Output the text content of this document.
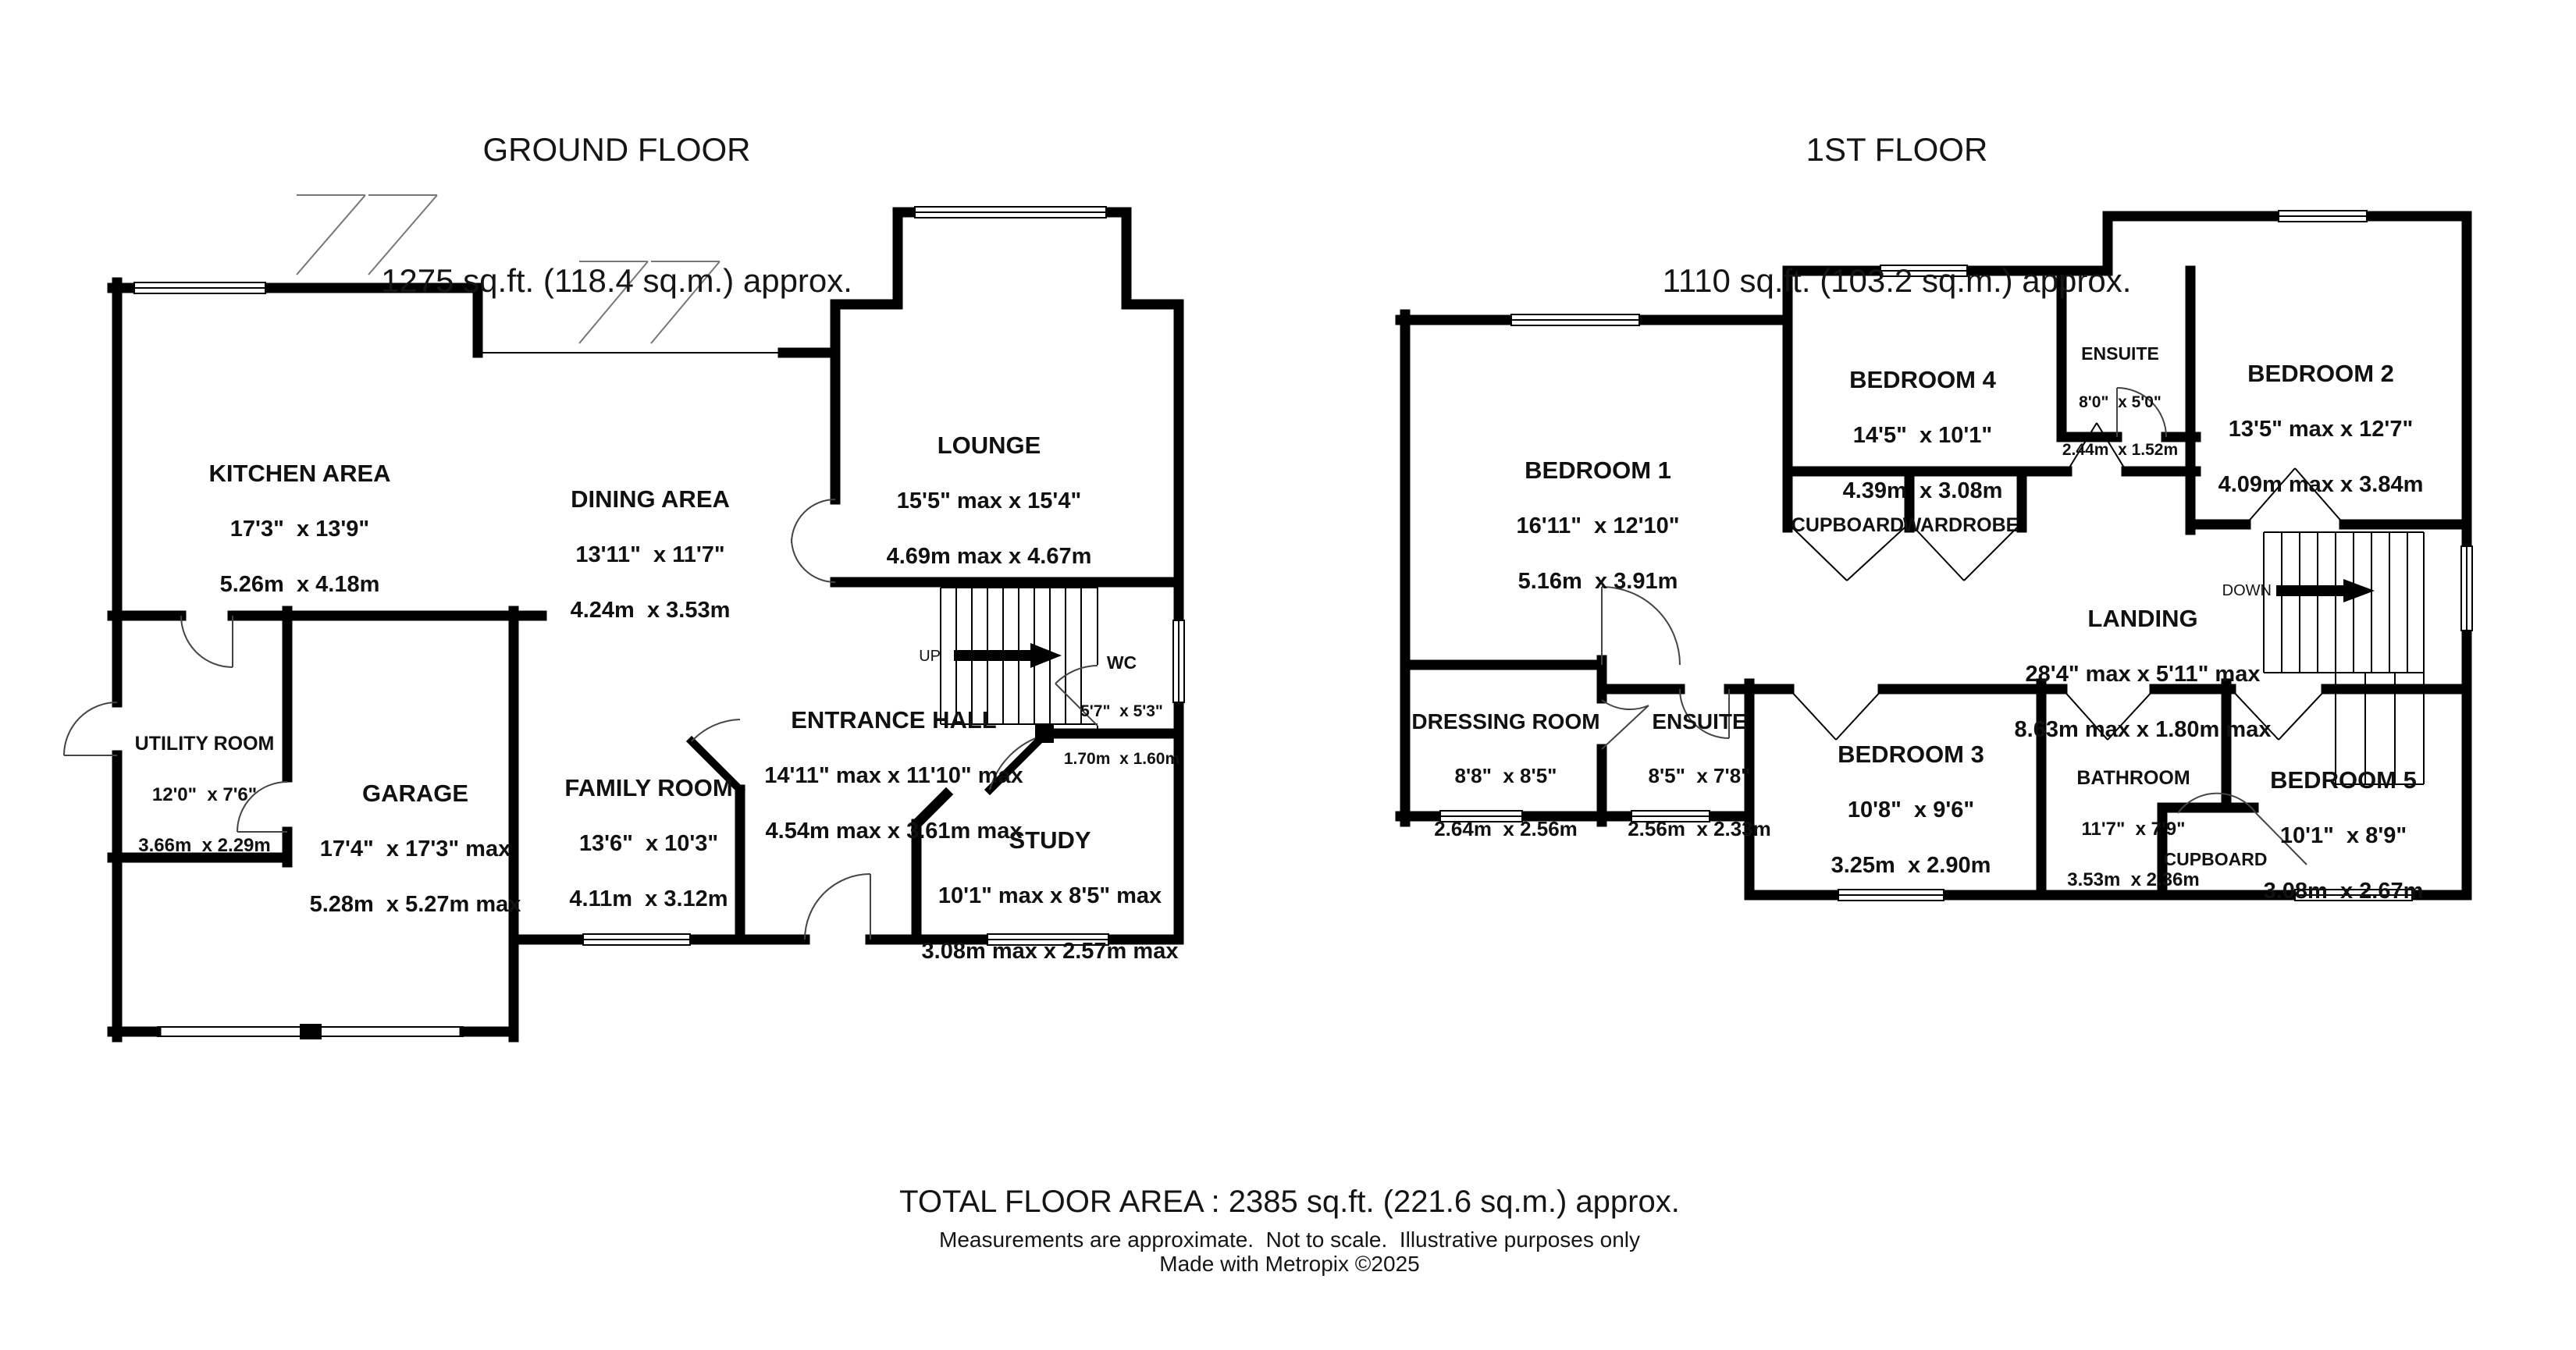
GROUND FLOOR

1275 sq.ft. (118.4 sq.m.) approx.

1ST FLOOR

1110 sq.ft. (103.2 sq.m.) approx.

KITCHEN AREA

17'3"  x 13'9"

5.26m  x 4.18m

DINING AREA

13'11"  x 11'7"

4.24m  x 3.53m

LOUNGE

15'5" max x 15'4"

4.69m max x 4.67m

UTILITY ROOM

12'0"  x 7'6"

3.66m  x 2.29m

GARAGE

17'4"  x 17'3" max

5.28m  x 5.27m max

FAMILY ROOM

13'6"  x 10'3"

4.11m  x 3.12m

ENTRANCE HALL

14'11" max x 11'10" max

4.54m max x 3.61m max

WC

5'7"  x 5'3"

1.70m  x 1.60m

STUDY

10'1" max x 8'5" max

3.08m max x 2.57m max

UP

BEDROOM 1

16'11"  x 12'10"

5.16m  x 3.91m

BEDROOM 4

14'5"  x 10'1"

4.39m  x 3.08m

ENSUITE

8'0"  x 5'0"

2.44m  x 1.52m

BEDROOM 2

13'5" max x 12'7"

4.09m max x 3.84m

CUPBOARD

WARDROBE

LANDING

28'4" max x 5'11" max

8.63m max x 1.80m max

DRESSING ROOM

8'8"  x 8'5"

2.64m  x 2.56m

ENSUITE

8'5"  x 7'8"

2.56m  x 2.33m

BEDROOM 3

10'8"  x 9'6"

3.25m  x 2.90m

BATHROOM

11'7"  x 7'9"

3.53m  x 2.36m

BEDROOM 5

10'1"  x 8'9"

3.08m  x 2.67m

CUPBOARD

DOWN
TOTAL FLOOR AREA : 2385 sq.ft. (221.6 sq.m.) approx.
Measurements are approximate.  Not to scale.  Illustrative purposes only
Made with Metropix ©2025
